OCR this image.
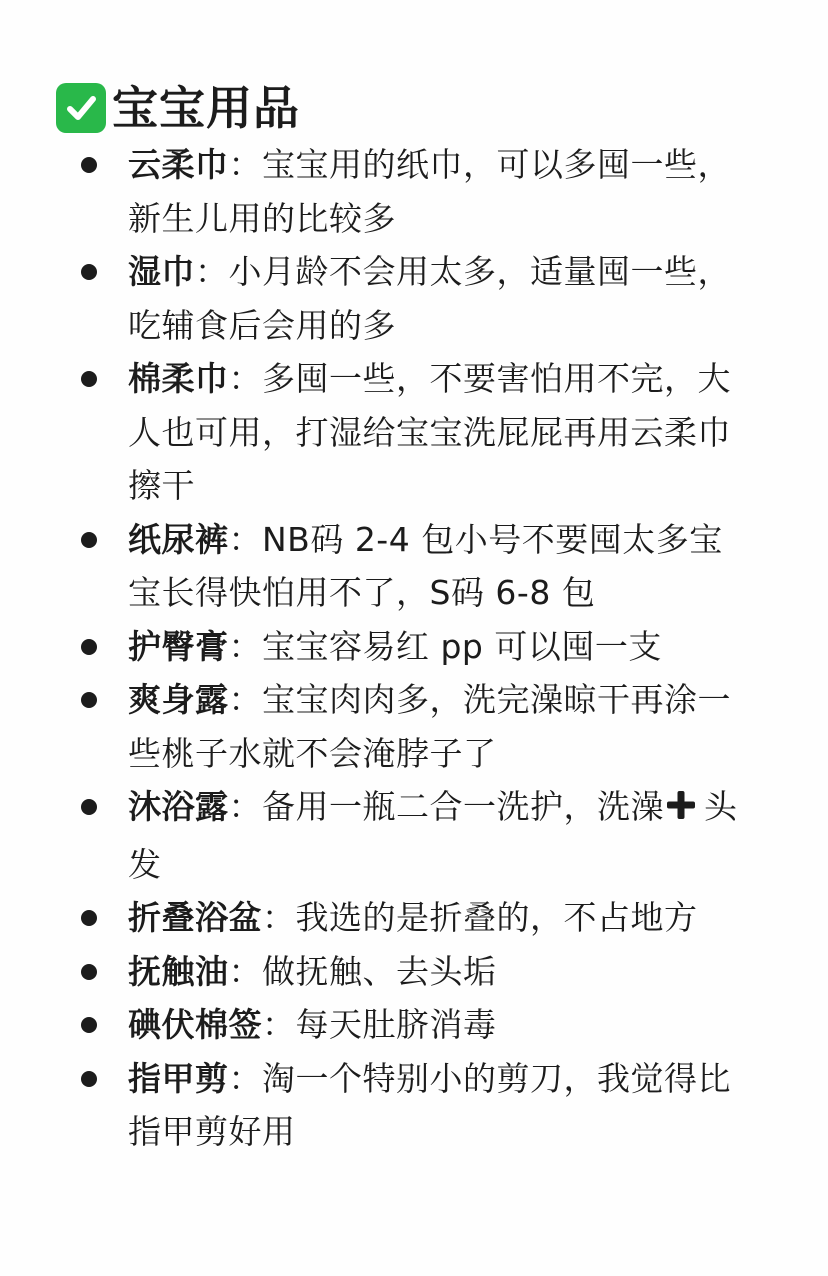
宝宝用品
云柔巾：宝宝用的纸巾，可以多囤一些，新生儿用的比较多
湿巾：小月龄不会用太多，适量囤一些，吃辅食后会用的多
棉柔巾：多囤一些，不要害怕用不完，大人也可用，打湿给宝宝洗屁屁再用云柔巾擦干
纸尿裤：NB码 2-4 包小号不要囤太多宝宝长得快怕用不了，S码 6-8 包
护臀膏：宝宝容易红 pp 可以囤一支
爽身露：宝宝肉肉多，洗完澡晾干再涂一些桃子水就不会淹脖子了
沐浴露：备用一瓶二合一洗护，洗澡 头发
折叠浴盆：我选的是折叠的，不占地方
抚触油：做抚触、去头垢
碘伏棉签：每天肚脐消毒
指甲剪：淘一个特别小的剪刀，我觉得比指甲剪好用
